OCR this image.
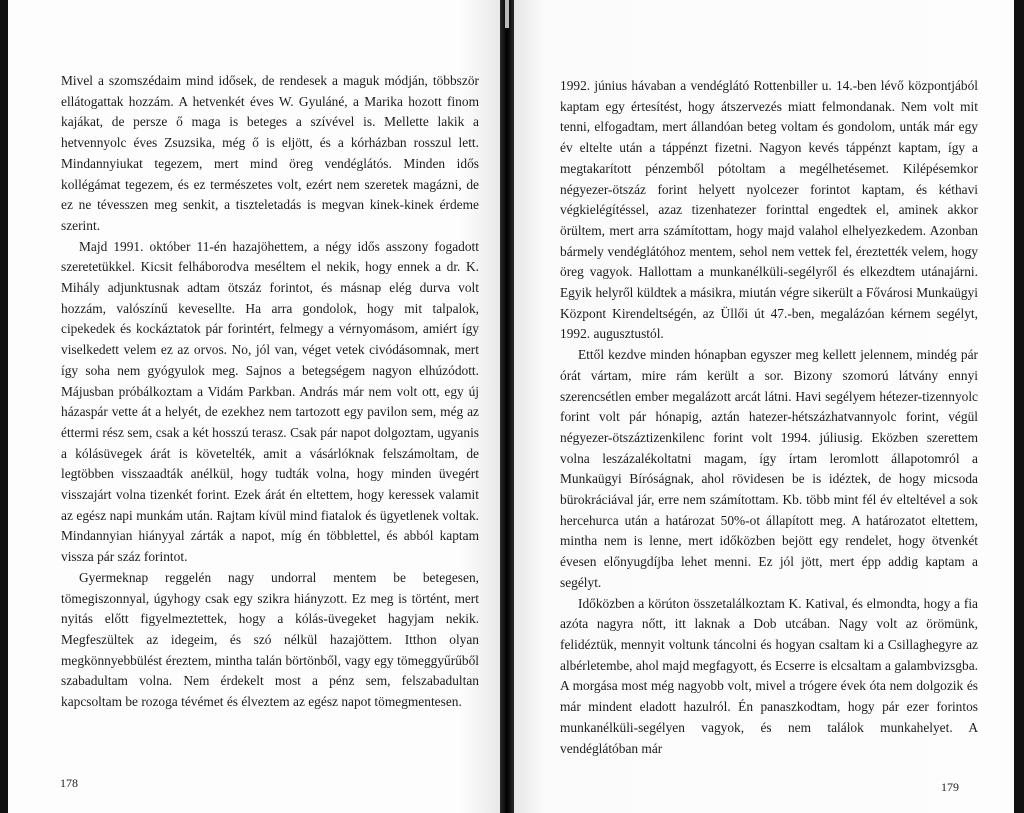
Mivel a szomszédaim mind idősek, de rendesek a maguk módján, többször ellátogattak hozzám. A hetvenkét éves W. Gyuláné, a Marika hozott finom kajákat, de persze ő maga is beteges a szívével is. Mellette lakik a hetvennyolc éves Zsuzsika, még ő is eljött, és a kórházban rosszul lett. Mindannyiukat tegezem, mert mind öreg vendéglátós. Minden idős kollégámat tegezem, és ez természetes volt, ezért nem szeretek magázni, de ez ne tévesszen meg senkit, a tiszteletadás is megvan kinek-kinek érdeme szerint.

Majd 1991. október 11-én hazajöhettem, a négy idős asszony fogadott szeretetükkel. Kicsit felháborodva meséltem el nekik, hogy ennek a dr. K. Mihály adjunktusnak adtam ötszáz forintot, és másnap elég durva volt hozzám, valószínű kevesellte. Ha arra gondolok, hogy mit talpalok, cipekedek és kockáztatok pár forintért, felmegy a vérnyomásom, amiért így viselkedett velem ez az orvos. No, jól van, véget vetek civódásomnak, mert így soha nem gyógyulok meg. Sajnos a betegségem nagyon elhúzódott. Májusban próbálkoztam a Vidám Parkban. András már nem volt ott, egy új házaspár vette át a helyét, de ezekhez nem tartozott egy pavilon sem, még az éttermi rész sem, csak a két hosszú terasz. Csak pár napot dolgoztam, ugyanis a kólásüvegek árát is követelték, amit a vásárlóknak felszámoltam, de legtöbben visszaadták anélkül, hogy tudták volna, hogy minden üvegért visszajárt volna tizenkét forint. Ezek árát én eltettem, hogy keressek valamit az egész napi munkám után. Rajtam kívül mind fiatalok és ügyetlenek voltak. Mindannyian hiányyal zárták a napot, míg én többlettel, és abból kaptam vissza pár száz forintot.

Gyermeknap reggelén nagy undorral mentem be betegesen, tömegiszonnyal, úgyhogy csak egy szikra hiányzott. Ez meg is történt, mert nyitás előtt figyelmeztettek, hogy a kólás-üvegeket hagyjam nekik. Megfeszültek az idegeim, és szó nélkül hazajöttem. Itthon olyan megkönnyebbülést éreztem, mintha talán börtönből, vagy egy tömeggyűrűből szabadultam volna. Nem érdekelt most a pénz sem, felszabadultan kapcsoltam be rozoga tévémet és élveztem az egész napot tömegmentesen.

178

1992. június hávaban a vendéglátó Rottenbiller u. 14.-ben lévő központjából kaptam egy értesítést, hogy átszervezés miatt felmondanak. Nem volt mit tenni, elfogadtam, mert állandóan beteg voltam és gondolom, unták már egy év eltelte után a táppénzt fizetni. Nagyon kevés táppénzt kaptam, így a megtakarított pénzemből pótoltam a megélhetésemet. Kilépésemkor négyezer-ötszáz forint helyett nyolcezer forintot kaptam, és kéthavi végkielégítéssel, azaz tizenhatezer forinttal engedtek el, aminek akkor örültem, mert arra számítottam, hogy majd valahol elhelyezkedem. Azonban bármely vendéglátóhoz mentem, sehol nem vettek fel, éreztették velem, hogy öreg vagyok. Hallottam a munkanélküli-segélyről és elkezdtem utánajárni. Egyik helyről küldtek a másikra, miután végre sikerült a Fővárosi Munkaügyi Központ Kirendeltségén, az Üllői út 47.-ben, megalázóan kérnem segélyt, 1992. augusztustól.

Ettől kezdve minden hónapban egyszer meg kellett jelennem, mindég pár órát vártam, mire rám került a sor. Bizony szomorú látvány ennyi szerencsétlen ember megalázott arcát látni. Havi segélyem hétezer-tizennyolc forint volt pár hónapig, aztán hatezer-hétszázhatvannyolc forint, végül négyezer-ötszáztizenkilenc forint volt 1994. júliusig. Eközben szerettem volna leszázalékoltatni magam, így írtam leromlott állapotomról a Munkaügyi Bíróságnak, ahol rövidesen be is idéztek, de hogy micsoda bürokráciával jár, erre nem számítottam. Kb. több mint fél év elteltével a sok hercehurca után a határozat 50%-ot állapított meg. A határozatot eltettem, mintha nem is lenne, mert időközben bejött egy rendelet, hogy ötvenkét évesen előnyugdíjba lehet menni. Ez jól jött, mert épp addig kaptam a segélyt.

Időközben a körúton összetalálkoztam K. Katival, és elmondta, hogy a fia azóta nagyra nőtt, itt laknak a Dob utcában. Nagy volt az örömünk, felidéztük, mennyit voltunk táncolni és hogyan csaltam ki a Csillaghegyre az albérletembe, ahol majd megfagyott, és Ecserre is elcsaltam a galambvizsgba. A morgása most még nagyobb volt, mivel a trógere évek óta nem dolgozik és már mindent eladott hazulról. Én panaszkodtam, hogy pár ezer forintos munkanélküli-segélyen vagyok, és nem találok munkahelyet. A vendéglátóban már

179
